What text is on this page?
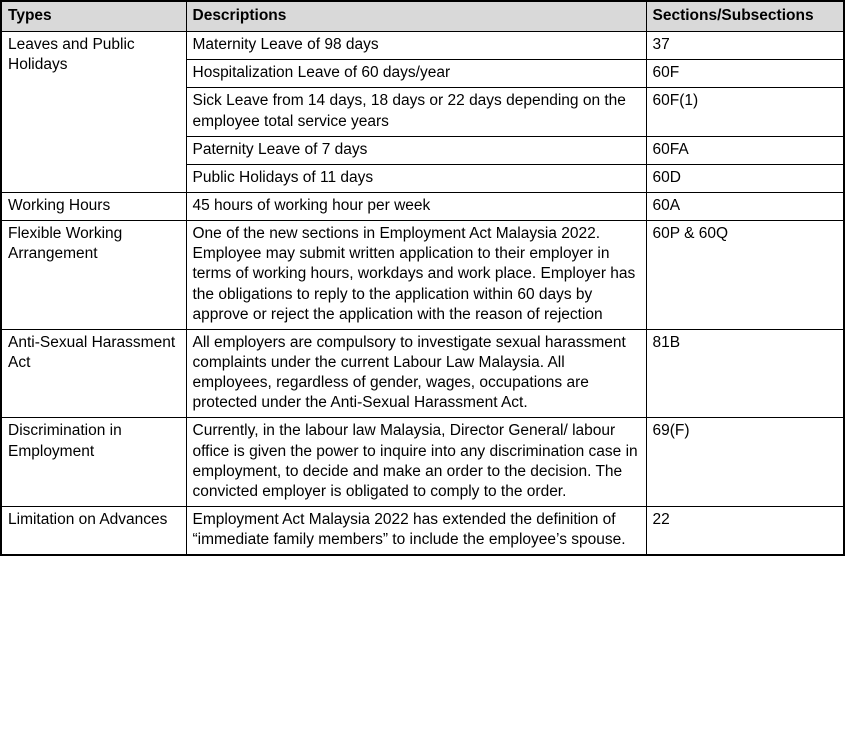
Types	Descriptions	Sections/Subsections

Leaves and Public Holidays	Maternity Leave of 98 days	37

	Hospitalization Leave of 60 days/year	60F

	Sick Leave from 14 days, 18 days or 22 days depending on the employee total service years	60F(1)

	Paternity Leave of 7 days	60FA

	Public Holidays of 11 days	60D

Working Hours	45 hours of working hour per week	60A

Flexible Working Arrangement	One of the new sections in Employment Act Malaysia 2022. Employee may submit written application to their employer in terms of working hours, workdays and work place. Employer has the obligations to reply to the application within 60 days by approve or reject the application with the reason of rejection	60P & 60Q

Anti-Sexual Harassment Act	All employers are compulsory to investigate sexual harassment complaints under the current Labour Law Malaysia. All employees, regardless of gender, wages, occupations are protected under the Anti-Sexual Harassment Act.	81B

Discrimination in Employment	Currently, in the labour law Malaysia, Director General/ labour office is given the power to inquire into any discrimination case in employment, to decide and make an order to the decision. The convicted employer is obligated to comply to the order.	69(F)

Limitation on Advances	Employment Act Malaysia 2022 has extended the definition of “immediate family members” to include the employee’s spouse.	22
